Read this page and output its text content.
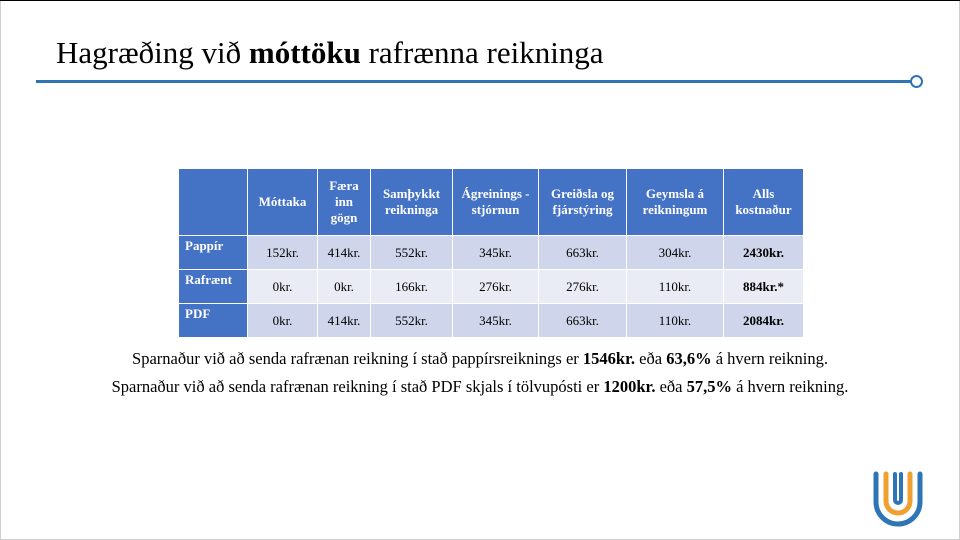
Hagræðing við móttöku rafrænna reikninga
	Móttaka	Færa inn gögn	Samþykkt reikninga	Ágreinings -stjórnun	Greiðsla og fjárstýring	Geymsla á reikningum	Alls kostnaður
Pappír	152kr.	414kr.	552kr.	345kr.	663kr.	304kr.	2430kr.
Rafrænt	0kr.	0kr.	166kr.	276kr.	276kr.	110kr.	884kr.*
PDF	0kr.	414kr.	552kr.	345kr.	663kr.	110kr.	2084kr.
Sparnaður við að senda rafrænan reikning í stað pappírsreiknings er 1546kr. eða 63,6% á hvern reikning.
Sparnaður við að senda rafrænan reikning í stað PDF skjals í tölvupósti er 1200kr. eða 57,5% á hvern reikning.
